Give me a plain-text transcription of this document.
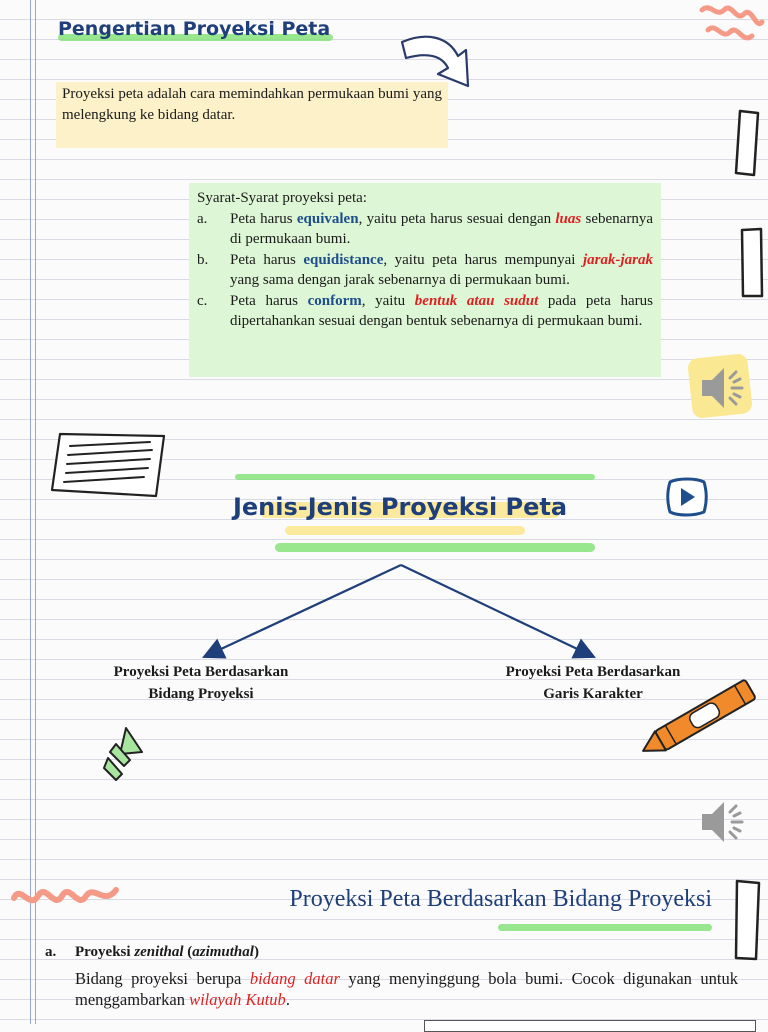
Pengertian Proyeksi Peta
Proyeksi peta adalah cara memindahkan permukaan bumi yang melengkung ke bidang datar.
Syarat-Syarat proyeksi peta:
a.	Peta harus equivalen, yaitu peta harus sesuai dengan luas sebenarnya di permukaan bumi.
b.	Peta harus equidistance, yaitu peta harus mempunyai jarak-jarak yang sama dengan jarak sebenarnya di permukaan bumi.
c.	Peta harus conform, yaitu bentuk atau sudut pada peta harus dipertahankan sesuai dengan bentuk sebenarnya di permukaan bumi.
Jenis-Jenis Proyeksi Peta
Proyeksi Peta Berdasarkan
Bidang Proyeksi
Proyeksi Peta Berdasarkan
Garis Karakter
Proyeksi Peta Berdasarkan Bidang Proyeksi
a. Proyeksi zenithal (azimuthal)
Bidang proyeksi berupa bidang datar yang menyinggung bola bumi. Cocok digunakan untuk menggambarkan wilayah Kutub.
